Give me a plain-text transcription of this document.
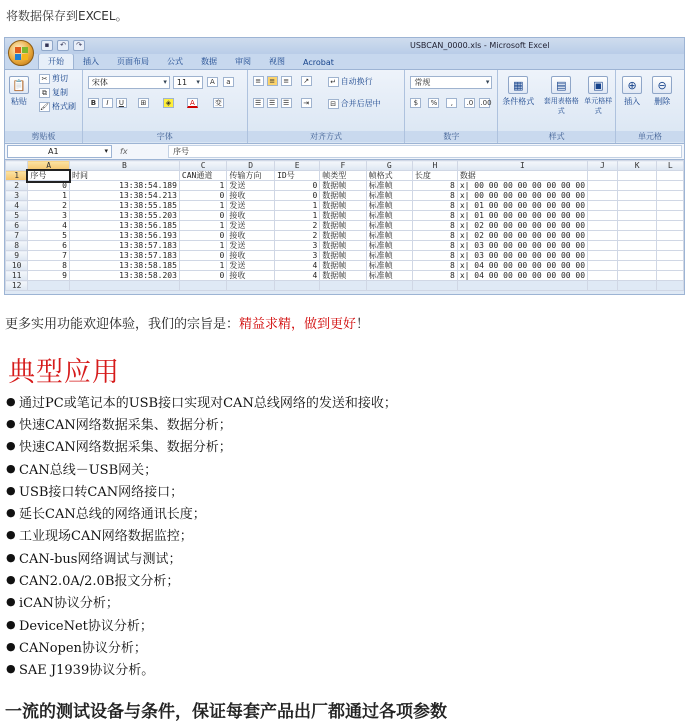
将数据保存到EXCEL。
▪	↶	↷	USBCAN_0000.xls - Microsoft Excel
开始	插入	页面布局	公式	数据	审阅	视图	Acrobat
📋
粘贴
✂ 剪切
⧉ 复制
🖌 格式刷
剪贴板
宋体 ▾	11 ▾	A	a
B	I	U	⊞	◈	A	变
字体
≡	≡	≡	↗	↵ 自动换行
☰	☰	☰	⇥	⊟ 合并后居中
对齐方式
常规 ▾
$	%	,	.0	.00
数字
▦
条件格式
▤
套用表格格式
▣
单元格样式
样式
⊕
插入
⊖
删除
单元格
A1 ▾	fx	序号
	A	B	C	D	E	F	G	H	I	J	K	L
1	序号	时间	CAN通道	传输方向	ID号	帧类型	帧格式	长度	数据			
2	0	13:38:54.189	1	发送	0	数据帧	标准帧	8	x| 00 00 00 00 00 00 00 00			
3	1	13:38:54.213	0	接收	0	数据帧	标准帧	8	x| 00 00 00 00 00 00 00 00			
4	2	13:38:55.185	1	发送	1	数据帧	标准帧	8	x| 01 00 00 00 00 00 00 00			
5	3	13:38:55.203	0	接收	1	数据帧	标准帧	8	x| 01 00 00 00 00 00 00 00			
6	4	13:38:56.185	1	发送	2	数据帧	标准帧	8	x| 02 00 00 00 00 00 00 00			
7	5	13:38:56.193	0	接收	2	数据帧	标准帧	8	x| 02 00 00 00 00 00 00 00			
8	6	13:38:57.183	1	发送	3	数据帧	标准帧	8	x| 03 00 00 00 00 00 00 00			
9	7	13:38:57.183	0	接收	3	数据帧	标准帧	8	x| 03 00 00 00 00 00 00 00			
10	8	13:38:58.185	1	发送	4	数据帧	标准帧	8	x| 04 00 00 00 00 00 00 00			
11	9	13:38:58.203	0	接收	4	数据帧	标准帧	8	x| 04 00 00 00 00 00 00 00			
12												
更多实用功能欢迎体验，我们的宗旨是：精益求精，做到更好！
典型应用
● 通过PC或笔记本的USB接口实现对CAN总线网络的发送和接收；
● 快速CAN网络数据采集、数据分析；
● 快速CAN网络数据采集、数据分析；
● CAN总线－USB网关；
● USB接口转CAN网络接口；
● 延长CAN总线的网络通讯长度；
● 工业现场CAN网络数据监控；
● CAN-bus网络调试与测试；
● CAN2.0A/2.0B报文分析；
● iCAN协议分析；
● DeviceNet协议分析；
● CANopen协议分析；
● SAE J1939协议分析。
一流的测试设备与条件，保证每套产品出厂都通过各项参数
